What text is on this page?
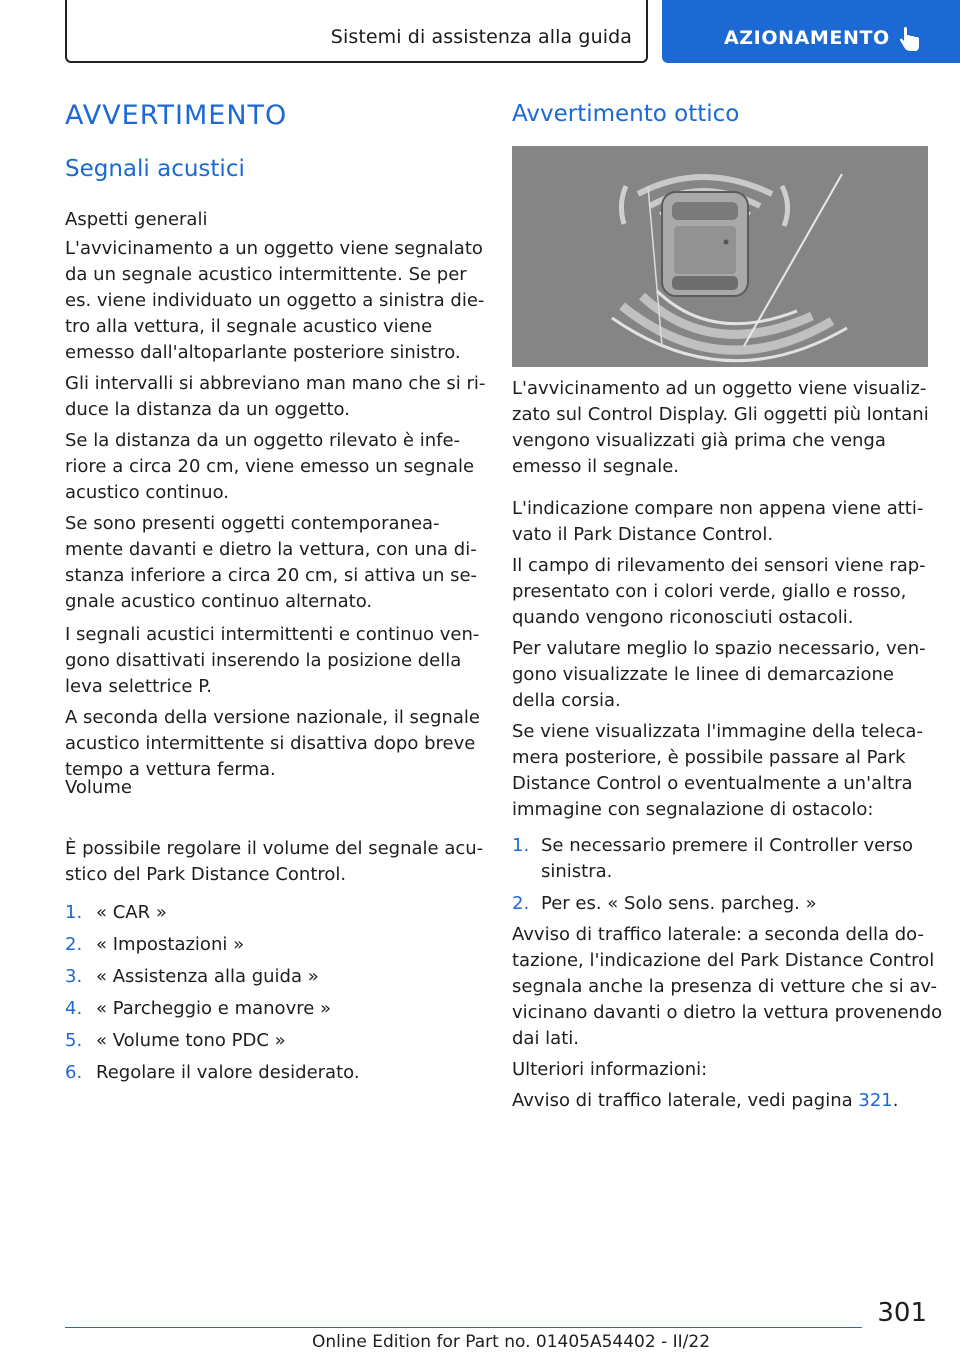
Sistemi di assistenza alla guida	AZIONAMENTO
AVVERTIMENTO
Segnali acustici
Aspetti generali

L'avvicinamento a un oggetto viene segnalato
da un segnale acustico intermittente. Se per
es. viene individuato un oggetto a sinistra die-
tro alla vettura, il segnale acustico viene
emesso dall'altoparlante posteriore sinistro.

Gli intervalli si abbreviano man mano che si ri-
duce la distanza da un oggetto.

Se la distanza da un oggetto rilevato è infe-
riore a circa 20 cm, viene emesso un segnale
acustico continuo.

Se sono presenti oggetti contemporanea-
mente davanti e dietro la vettura, con una di-
stanza inferiore a circa 20 cm, si attiva un se-
gnale acustico continuo alternato.

I segnali acustici intermittenti e continuo ven-
gono disattivati inserendo la posizione della
leva selettrice P.

A seconda della versione nazionale, il segnale
acustico intermittente si disattiva dopo breve
tempo a vettura ferma.

Volume

È possibile regolare il volume del segnale acu-
stico del Park Distance Control.

1. « CAR »
2. « Impostazioni »
3. « Assistenza alla guida »
4. « Parcheggio e manovre »
5. « Volume tono PDC »
6. Regolare il valore desiderato.
Avvertimento ottico

L'avvicinamento ad un oggetto viene visualiz-
zato sul Control Display. Gli oggetti più lontani
vengono visualizzati già prima che venga
emesso il segnale.

L'indicazione compare non appena viene atti-
vato il Park Distance Control.

Il campo di rilevamento dei sensori viene rap-
presentato con i colori verde, giallo e rosso,
quando vengono riconosciuti ostacoli.

Per valutare meglio lo spazio necessario, ven-
gono visualizzate le linee di demarcazione
della corsia.

Se viene visualizzata l'immagine della teleca-
mera posteriore, è possibile passare al Park
Distance Control o eventualmente a un'altra
immagine con segnalazione di ostacolo:

1. Se necessario premere il Controller verso
sinistra.
2. Per es. « Solo sens. parcheg. »

Avviso di traffico laterale: a seconda della do-
tazione, l'indicazione del Park Distance Control
segnala anche la presenza di vetture che si av-
vicinano davanti o dietro la vettura provenendo
dai lati.

Ulteriori informazioni:

Avviso di traffico laterale, vedi pagina 321.

301
Online Edition for Part no. 01405A54402 - II/22
